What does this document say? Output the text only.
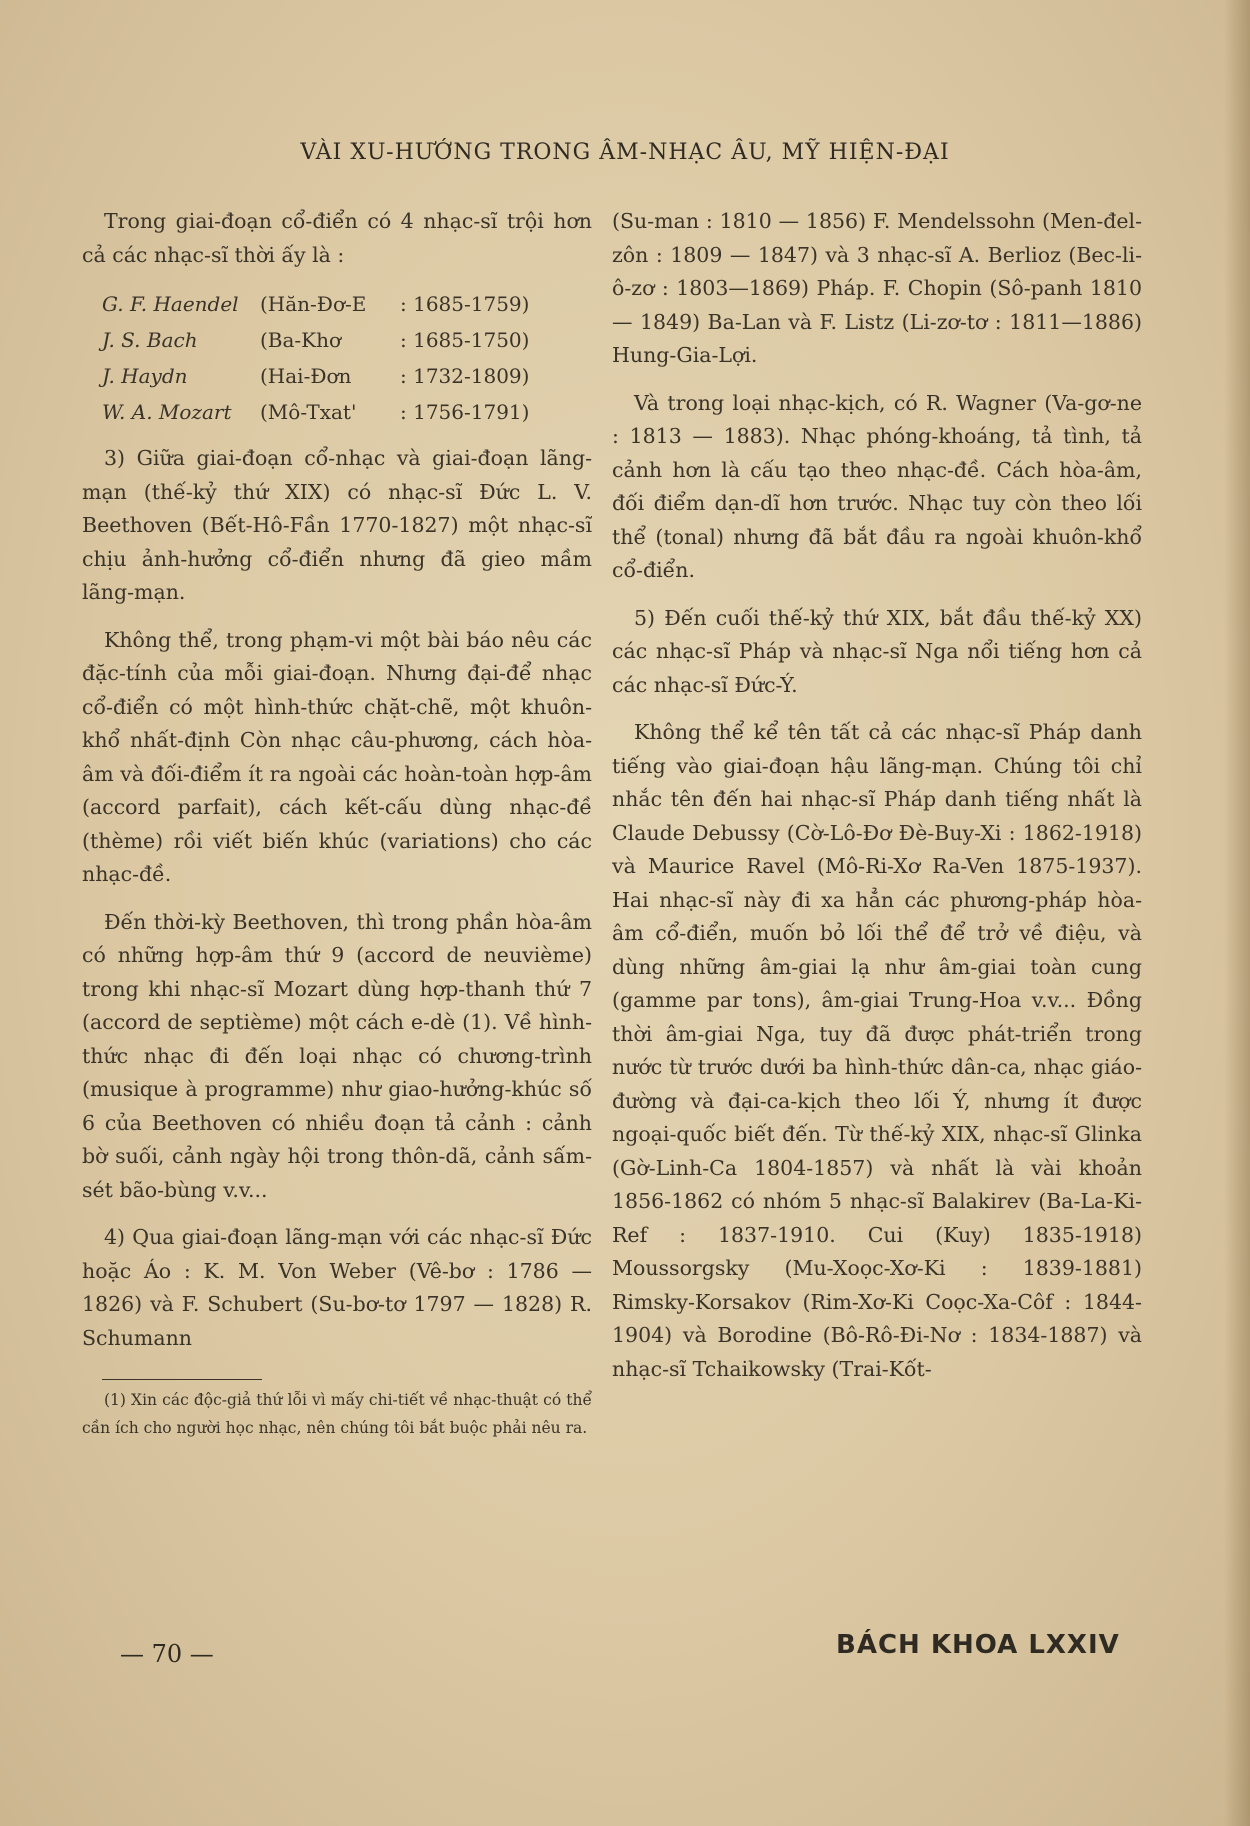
VÀI XU-HƯỚNG TRONG ÂM-NHẠC ÂU, MỸ HIỆN-ĐẠI

Trong giai-đoạn cổ-điển có 4 nhạc-sĩ trội hơn cả các nhạc-sĩ thời ấy là :

G. F. Haendel	(Hăn-Đơ-E	: 1685-1759)
J. S. Bach	(Ba-Khơ	: 1685-1750)
J. Haydn	(Hai-Đơn	: 1732-1809)
W. A. Mozart	(Mô-Txat'	: 1756-1791)

3) Giữa giai-đoạn cổ-nhạc và giai-đoạn lãng-mạn (thế-kỷ thứ XIX) có nhạc-sĩ Đức L. V. Beethoven (Bết-Hô-Fần 1770-1827) một nhạc-sĩ chịu ảnh-hưởng cổ-điển nhưng đã gieo mầm lãng-mạn.

Không thể, trong phạm-vi một bài báo nêu các đặc-tính của mỗi giai-đoạn. Nhưng đại-để nhạc cổ-điển có một hình-thức chặt-chẽ, một khuôn-khổ nhất-định Còn nhạc câu-phương, cách hòa-âm và đối-điểm ít ra ngoài các hoàn-toàn hợp-âm (accord parfait), cách kết-cấu dùng nhạc-đề (thème) rồi viết biến khúc (variations) cho các nhạc-đề.

Đến thời-kỳ Beethoven, thì trong phần hòa-âm có những hợp-âm thứ 9 (accord de neuvième) trong khi nhạc-sĩ Mozart dùng hợp-thanh thứ 7 (accord de septième) một cách e-dè (1). Về hình-thức nhạc đi đến loại nhạc có chương-trình (musique à programme) như giao-hưởng-khúc số 6 của Beethoven có nhiều đoạn tả cảnh : cảnh bờ suối, cảnh ngày hội trong thôn-dã, cảnh sấm-sét bão-bùng v.v...

4) Qua giai-đoạn lãng-mạn với các nhạc-sĩ Đức hoặc Áo : K. M. Von Weber (Vê-bơ : 1786 — 1826) và F. Schubert (Su-bơ-tơ 1797 — 1828) R. Schumann

(1) Xin các độc-giả thứ lỗi vì mấy chi-tiết về nhạc-thuật có thể cần ích cho người học nhạc, nên chúng tôi bắt buộc phải nêu ra.

(Su-man : 1810 — 1856) F. Mendelssohn (Men-đel-zôn : 1809 — 1847) và 3 nhạc-sĩ A. Berlioz (Bec-li-ô-zơ : 1803—1869) Pháp. F. Chopin (Sô-panh 1810 — 1849) Ba-Lan và F. Listz (Li-zơ-tơ : 1811—1886) Hung-Gia-Lợi.

Và trong loại nhạc-kịch, có R. Wagner (Va-gơ-ne : 1813 — 1883). Nhạc phóng-khoáng, tả tình, tả cảnh hơn là cấu tạo theo nhạc-đề. Cách hòa-âm, đối điểm dạn-dĩ hơn trước. Nhạc tuy còn theo lối thể (tonal) nhưng đã bắt đầu ra ngoài khuôn-khổ cổ-điển.

5) Đến cuối thế-kỷ thứ XIX, bắt đầu thế-kỷ XX) các nhạc-sĩ Pháp và nhạc-sĩ Nga nổi tiếng hơn cả các nhạc-sĩ Đức-Ý.

Không thể kể tên tất cả các nhạc-sĩ Pháp danh tiếng vào giai-đoạn hậu lãng-mạn. Chúng tôi chỉ nhắc tên đến hai nhạc-sĩ Pháp danh tiếng nhất là Claude Debussy (Cờ-Lô-Đơ Đè-Buy-Xi : 1862-1918) và Maurice Ravel (Mô-Ri-Xơ Ra-Ven 1875-1937). Hai nhạc-sĩ này đi xa hẳn các phương-pháp hòa-âm cổ-điển, muốn bỏ lối thể để trở về điệu, và dùng những âm-giai lạ như âm-giai toàn cung (gamme par tons), âm-giai Trung-Hoa v.v... Đồng thời âm-giai Nga, tuy đã được phát-triển trong nước từ trước dưới ba hình-thức dân-ca, nhạc giáo-đường và đại-ca-kịch theo lối Ý, nhưng ít được ngoại-quốc biết đến. Từ thế-kỷ XIX, nhạc-sĩ Glinka (Gờ-Linh-Ca 1804-1857) và nhất là vài khoản 1856-1862 có nhóm 5 nhạc-sĩ Balakirev (Ba-La-Ki-Ref : 1837-1910. Cui (Kuy) 1835-1918) Moussorgsky (Mu-Xoọc-Xơ-Ki : 1839-1881) Rimsky-Korsakov (Rim-Xơ-Ki Coọc-Xa-Côf : 1844-1904) và Borodine (Bô-Rô-Đi-Nơ : 1834-1887) và nhạc-sĩ Tchaikowsky (Trai-Kốt-

— 70 —	BÁCH KHOA LXXIV
